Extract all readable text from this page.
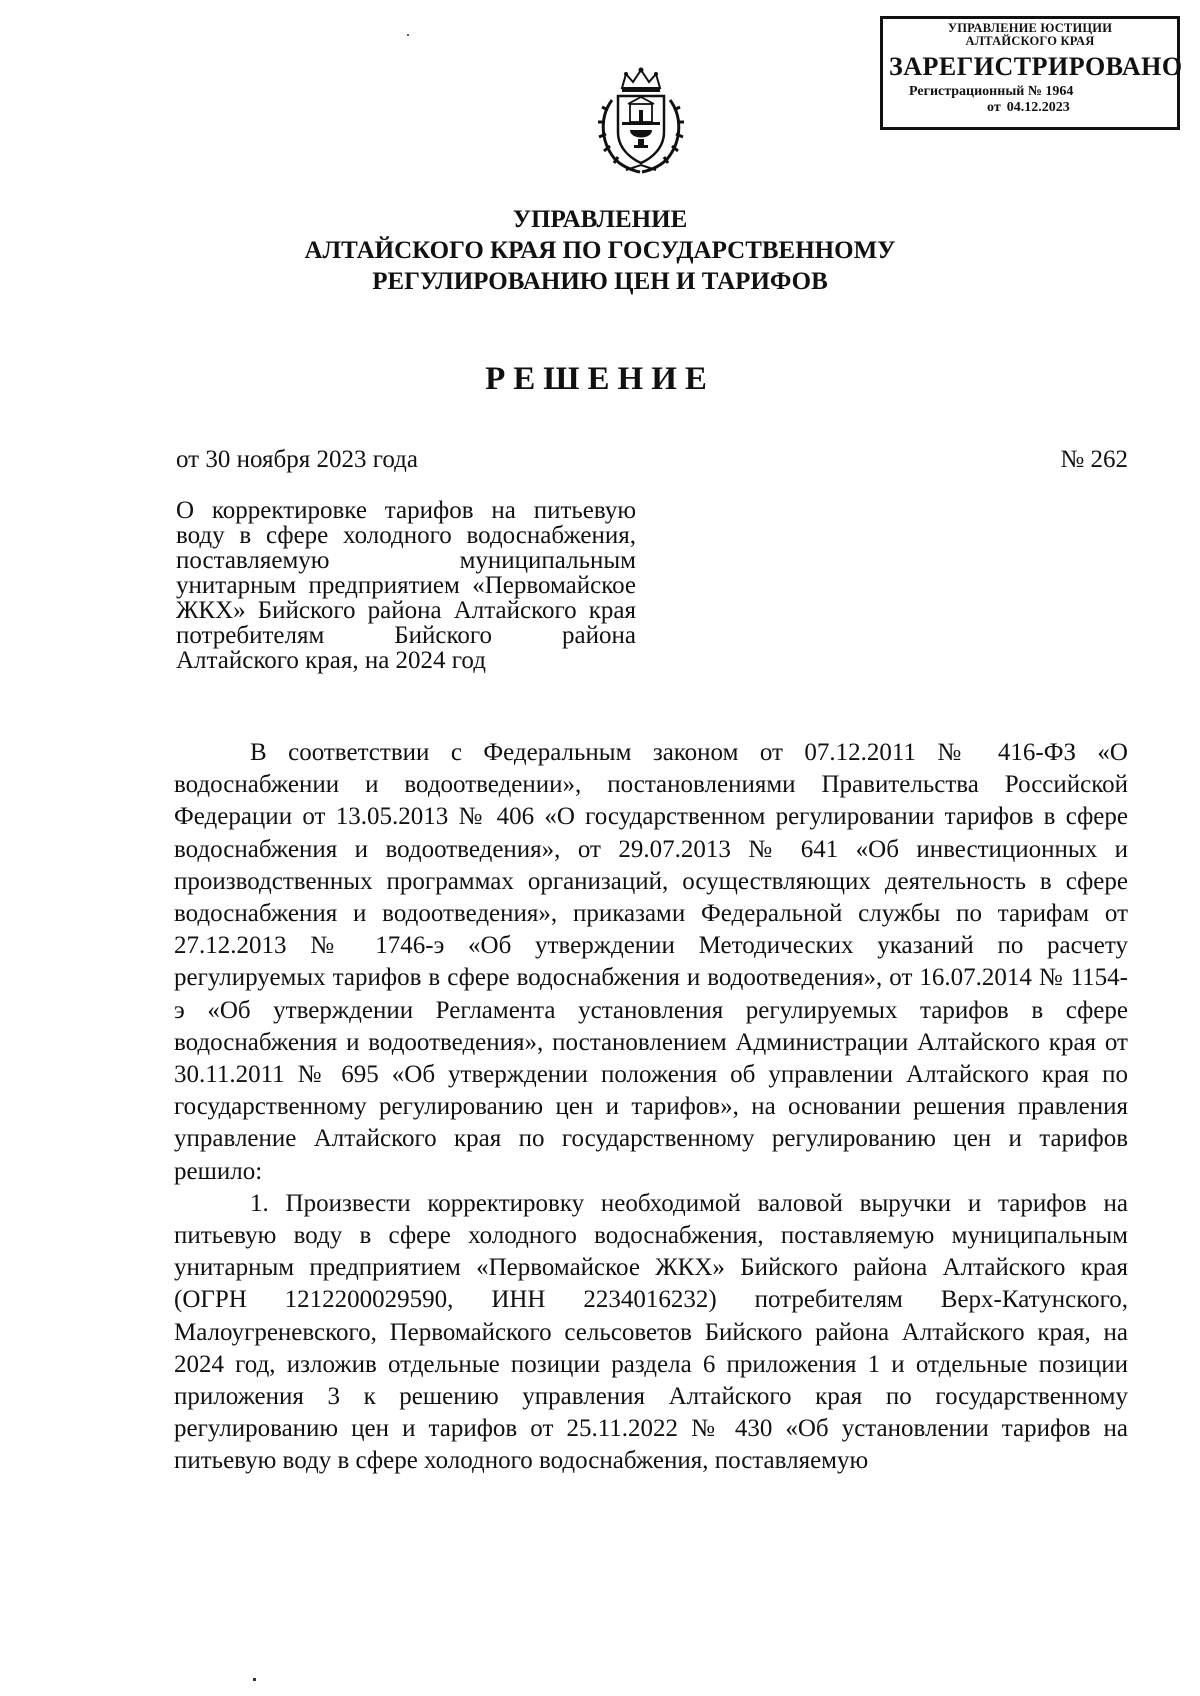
УПРАВЛЕНИЕ ЮСТИЦИИ
АЛТАЙСКОГО КРАЯ
ЗАРЕГИСТРИРОВАНО
Регистрационный № 1964
от 04.12.2023
УПРАВЛЕНИЕ
АЛТАЙСКОГО КРАЯ ПО ГОСУДАРСТВЕННОМУ
РЕГУЛИРОВАНИЮ ЦЕН И ТАРИФОВ
РЕШЕНИЕ
от 30 ноября 2023 года	№ 262
О корректировке тарифов на питьевую воду в сфере холодного водоснабжения, поставляемую муниципальным унитарным предприятием «Первомайское ЖКХ» Бийского района Алтайского края потребителям Бийского района Алтайского края, на 2024 год

В соответствии с Федеральным законом от 07.12.2011 № 416-ФЗ «О водоснабжении и водоотведении», постановлениями Правительства Российской Федерации от 13.05.2013 № 406 «О государственном регулировании тарифов в сфере водоснабжения и водоотведения», от 29.07.2013 № 641 «Об инвестиционных и производственных программах организаций, осуществляющих деятельность в сфере водоснабжения и водоотведения», приказами Федеральной службы по тарифам от 27.12.2013 № 1746-э «Об утверждении Методических указаний по расчету регулируемых тарифов в сфере водоснабжения и водоотведения», от 16.07.2014 № 1154-э «Об утверждении Регламента установления регулируемых тарифов в сфере водоснабжения и водоотведения», постановлением Администрации Алтайского края от 30.11.2011 № 695 «Об утверждении положения об управлении Алтайского края по государственному регулированию цен и тарифов», на основании решения правления управление Алтайского края по государственному регулированию цен и тарифов решило:

1. Произвести корректировку необходимой валовой выручки и тарифов на питьевую воду в сфере холодного водоснабжения, поставляемую муниципальным унитарным предприятием «Первомайское ЖКХ» Бийского района Алтайского края (ОГРН 1212200029590, ИНН 2234016232) потребителям Верх-Катунского, Малоугреневского, Первомайского сельсоветов Бийского района Алтайского края, на 2024 год, изложив отдельные позиции раздела 6 приложения 1 и отдельные позиции приложения 3 к решению управления Алтайского края по государственному регулированию цен и тарифов от 25.11.2022 № 430 «Об установлении тарифов на питьевую воду в сфере холодного водоснабжения, поставляемую
